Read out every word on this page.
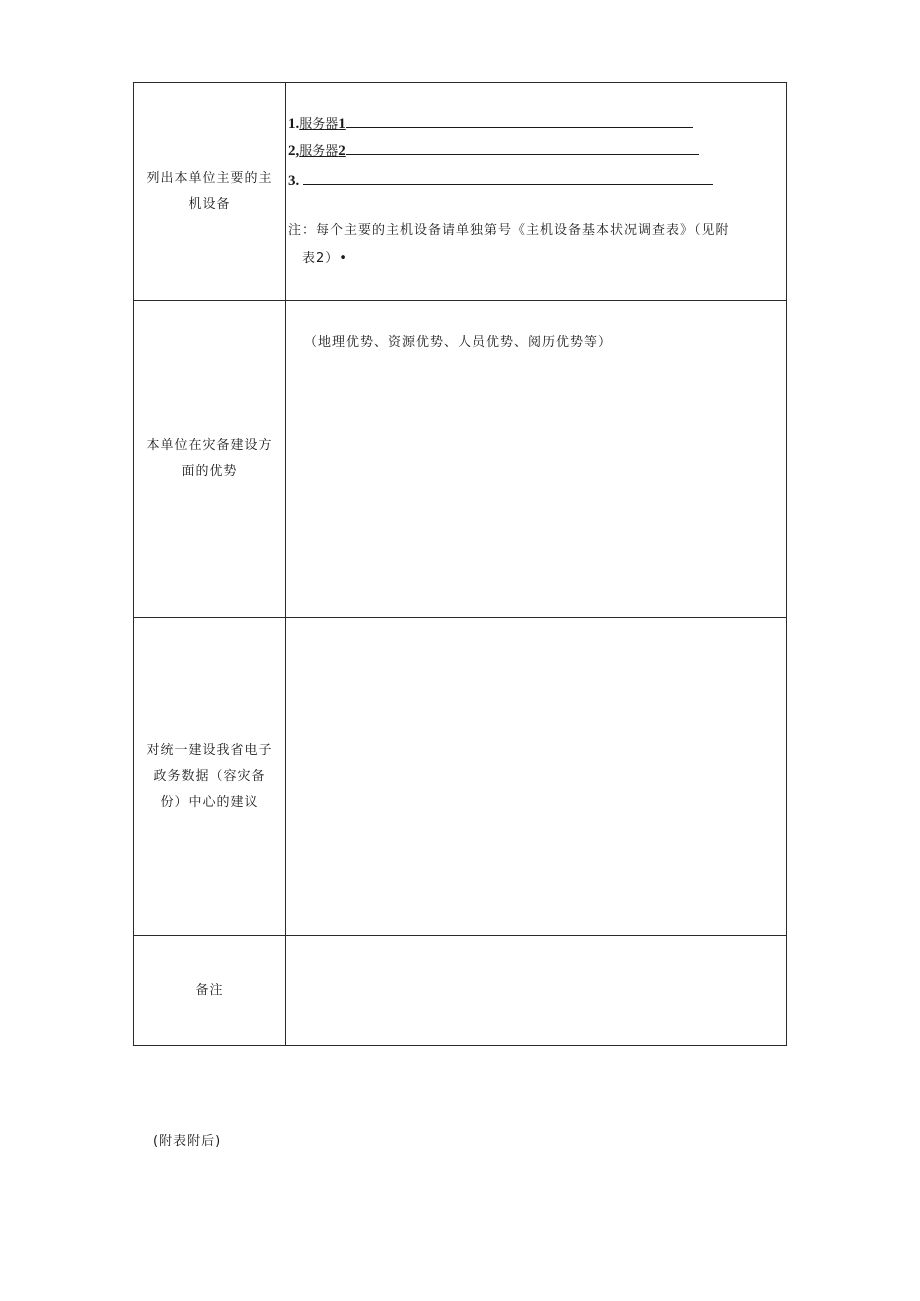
列出本单位主要的主机设备	1.服务器1
2,服务器2
3.
注：每个主要的主机设备请单独第号《主机设备基本状况调查表》（见附
表2）•

本单位在灾备建设方面的优势	（地理优势、资源优势、人员优势、阅历优势等）

对统一建设我省电子政务数据（容灾备份）中心的建议	
备注	
(附表附后)
